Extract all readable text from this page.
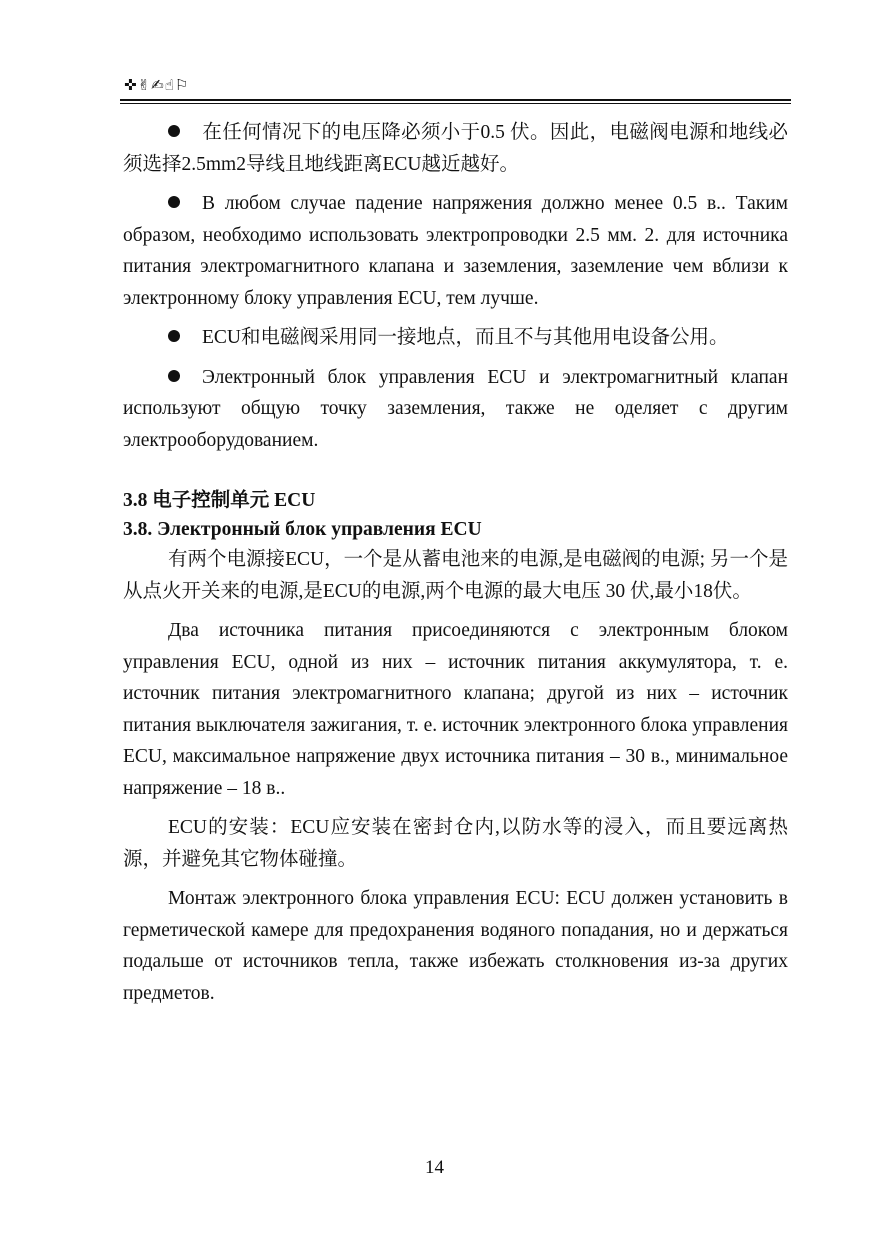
✜✌✍☝⚐

在任何情况下的电压降必须小于0.5 伏。因此，电磁阀电源和地线必须选择2.5mm2导线且地线距离ECU越近越好。

В любом случае падение напряжения должно менее 0.5 в.. Таким образом, необходимо использовать электропроводки 2.5 мм. 2. для источника питания электромагнитного клапана и заземления, заземление чем вблизи к электронному блоку управления ECU, тем лучше.

ECU和电磁阀采用同一接地点，而且不与其他用电设备公用。

Электронный блок управления ECU и электромагнитный клапан используют общую точку заземления, также не оделяет с другим электрооборудованием.

3.8 电子控制单元 ECU
3.8. Электронный блок управления ECU

有两个电源接ECU，一个是从蓄电池来的电源,是电磁阀的电源; 另一个是从点火开关来的电源,是ECU的电源,两个电源的最大电压 30 伏,最小18伏。

Два источника питания присоединяются с электронным блоком управления ECU, одной из них – источник питания аккумулятора, т. е. источник питания электромагнитного клапана; другой из них – источник питания выключателя зажигания, т. е. источник электронного блока управления ECU, максимальное напряжение двух источника питания – 30 в., минимальное напряжение – 18 в..

ECU的安装：ECU应安装在密封仓内,以防水等的浸入，而且要远离热源，并避免其它物体碰撞。

Монтаж электронного блока управления ECU: ECU должен установить в герметической камере для предохранения водяного попадания, но и держаться подальше от источников тепла, также избежать столкновения из-за других предметов.

14
